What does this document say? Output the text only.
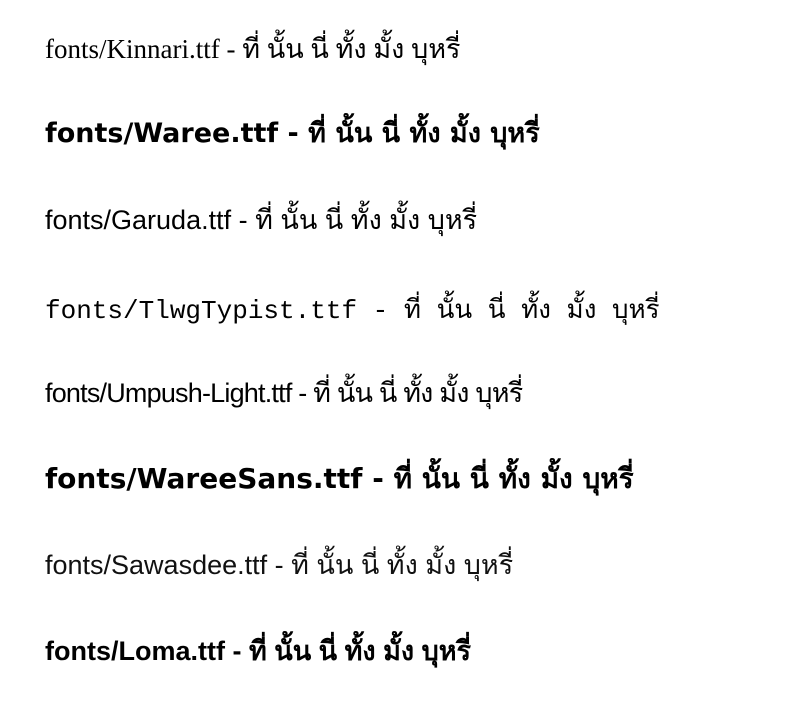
fonts/Kinnari.ttf - ที่ นั้น นี่ ทั้ง มั้ง บุหรี่
fonts/Waree.ttf - ที่ นั้น นี่ ทั้ง มั้ง บุหรี่
fonts/Garuda.ttf - ที่ นั้น นี่ ทั้ง มั้ง บุหรี่
fonts/TlwgTypist.ttf - ที่ นั้น นี่ ทั้ง มั้ง บุหรี่
fonts/Umpush-Light.ttf - ที่ นั้น นี่ ทั้ง มั้ง บุหรี่
fonts/WareeSans.ttf - ที่ นั้น นี่ ทั้ง มั้ง บุหรี่
fonts/Sawasdee.ttf - ที่ นั้น นี่ ทั้ง มั้ง บุหรี่
fonts/Loma.ttf - ที่ นั้น นี่ ทั้ง มั้ง บุหรี่
